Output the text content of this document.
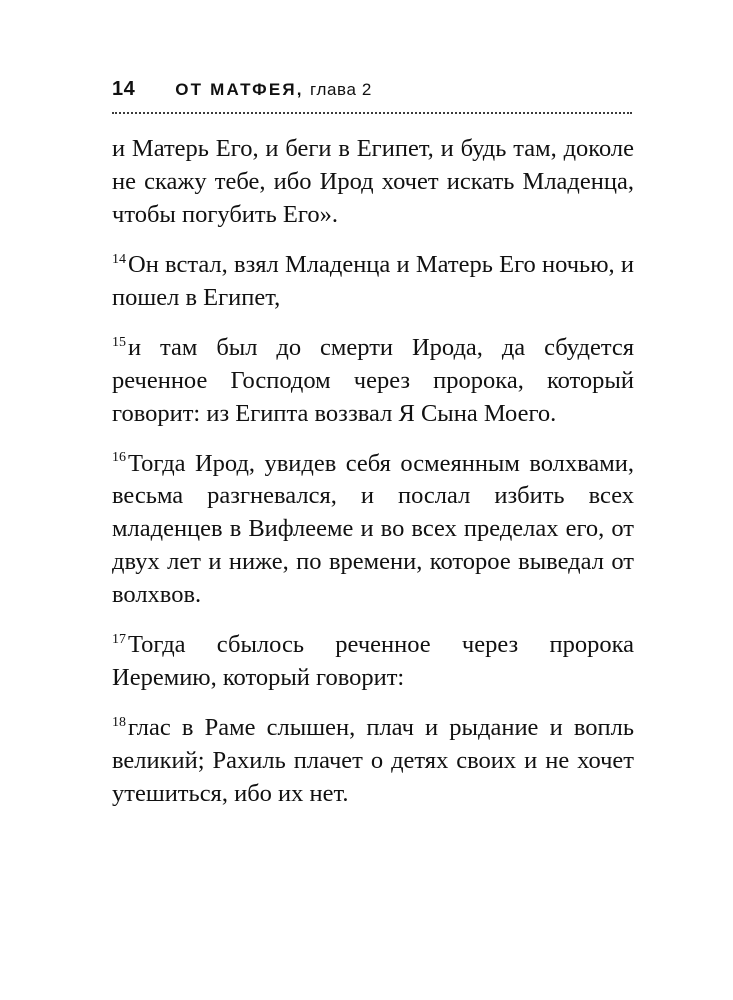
14 ОТ МАТФЕЯ, глава 2

и Матерь Его, и беги в Египет, и будь там, доколе не скажу тебе, ибо Ирод хочет искать Младенца, чтобы погубить Его».

$^{14}$Он встал, взял Младенца и Матерь Его ночью, и пошел в Египет,

$^{15}$и там был до смерти Ирода, да сбудется реченное Господом через пророка, который говорит: из Египта воззвал Я Сына Моего.

$^{16}$Тогда Ирод, увидев себя осмеянным волхвами, весьма разгневался, и послал избить всех младенцев в Вифлееме и во всех пределах его, от двух лет и ниже, по времени, которое выведал от волхвов.

$^{17}$Тогда сбылось реченное через пророка Иеремию, который говорит:

$^{18}$глас в Раме слышен, плач и рыдание и вопль великий; Рахиль плачет о детях своих и не хочет утешиться, ибо их нет.
